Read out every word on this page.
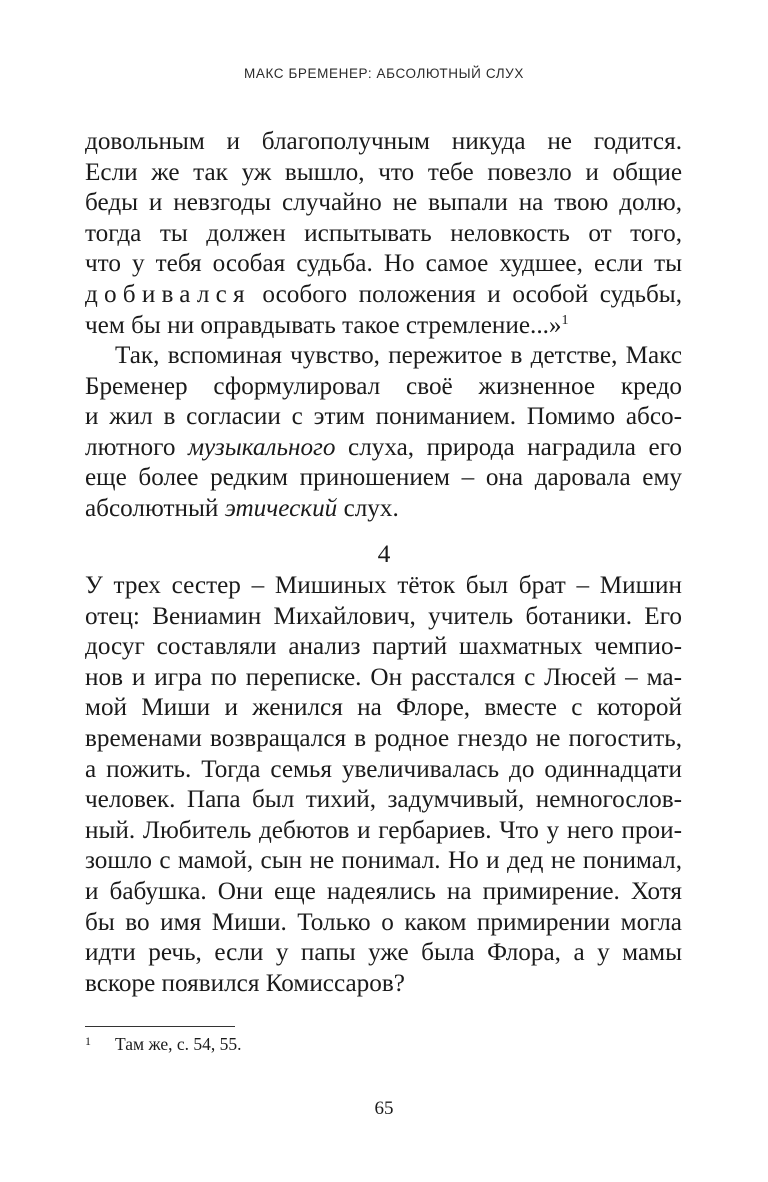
МАКС БРЕМЕНЕР: АБСОЛЮТНЫЙ СЛУХ
довольным и благополучным никуда не годится.
Если же так уж вышло, что тебе повезло и общие
беды и невзгоды случайно не выпали на твою долю,
тогда ты должен испытывать неловкость от того,
что у тебя особая судьба. Но самое худшее, если ты
добивался особого положения и особой судьбы,
чем бы ни оправдывать такое стремление...»$^1$
Так, вспоминая чувство, пережитое в детстве, Макс
Бременер сформулировал своё жизненное кредо
и жил в согласии с этим пониманием. Помимо абсо-
лютного музыкального слуха, природа наградила его
еще более редким приношением – она даровала ему
абсолютный этический слух.
4
У трех сестер – Мишиных тёток был брат – Мишин
отец: Вениамин Михайлович, учитель ботаники. Его
досуг составляли анализ партий шахматных чемпио-
нов и игра по переписке. Он расстался с Люсей – ма-
мой Миши и женился на Флоре, вместе с которой
временами возвращался в родное гнездо не погостить,
а пожить. Тогда семья увеличивалась до одиннадцати
человек. Папа был тихий, задумчивый, немногослов-
ный. Любитель дебютов и гербариев. Что у него прои-
зошло с мамой, сын не понимал. Но и дед не понимал,
и бабушка. Они еще надеялись на примирение. Хотя
бы во имя Миши. Только о каком примирении могла
идти речь, если у папы уже была Флора, а у мамы
вскоре появился Комиссаров?
1 Там же, с. 54, 55.
65
